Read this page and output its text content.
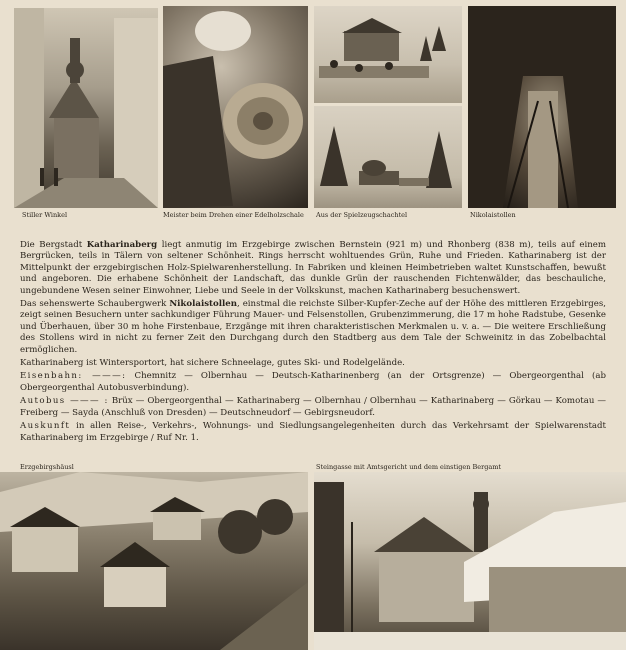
Stiller Winkel	Meister beim Drehen einer Edelholzschale Aus der Spielzeugschachtel	Nikolaistollen

Die Bergstadt Katharinaberg liegt anmutig im Erzgebirge zwischen Bernstein (921 m) und Rhonberg (838 m), teils auf einem Bergrücken, teils in Tälern von seltener Schönheit. Rings herrscht wohltuendes Grün, Ruhe und Frieden. Katharinaberg ist der Mittelpunkt der erzgebirgischen Holz-Spielwarenherstellung. In Fabriken und kleinen Heimbetrieben waltet Kunstschaffen, bewußt und angeboren. Die erhabene Schönheit der Landschaft, das dunkle Grün der rauschenden Fichtenwälder, das beschauliche, ungebundene Wesen seiner Einwohner, Liebe und Seele in der Volkskunst, machen Katharinaberg besuchenswert.

Das sehenswerte Schaubergwerk Nikolaistollen, einstmal die reichste Silber-Kupfer-Zeche auf der Höhe des mittleren Erzgebirges, zeigt seinen Besuchern unter sachkundiger Führung Mauer- und Felsenstollen, Grubenzimmerung, die 17 m hohe Radstube, Gesenke und Überhauen, über 30 m hohe Firstenbaue, Erzgänge mit ihren charakteristischen Merkmalen u. v. a. — Die weitere Erschließung des Stollens wird in nicht zu ferner Zeit den Durchgang durch den Stadtberg aus dem Tale der Schweinitz in das Zobelbachtal ermöglichen.

Katharinaberg ist Wintersportort, hat sichere Schneelage, gutes Ski- und Rodelgelände.

Eisenbahn: ———: Chemnitz — Olbernhau — Deutsch-Katharinenberg (an der Ortsgrenze) — Obergeorgenthal (ab Obergeorgenthal Autobusverbindung).

Autobus ——— : Brüx — Obergeorgenthal — Katharinaberg — Olbernhau / Olbernhau — Katharinaberg — Görkau — Komotau — Freiberg — Sayda (Anschluß von Dresden) — Deutschneudorf — Gebirgsneudorf.

Auskunft in allen Reise-, Verkehrs-, Wohnungs- und Siedlungsangelegenheiten durch das Verkehrsamt der Spielwarenstadt Katharinaberg im Erzgebirge / Ruf Nr. 1.

Erzgebirgshäusl	Steingasse mit Amtsgericht und dem einstigen Bergamt
